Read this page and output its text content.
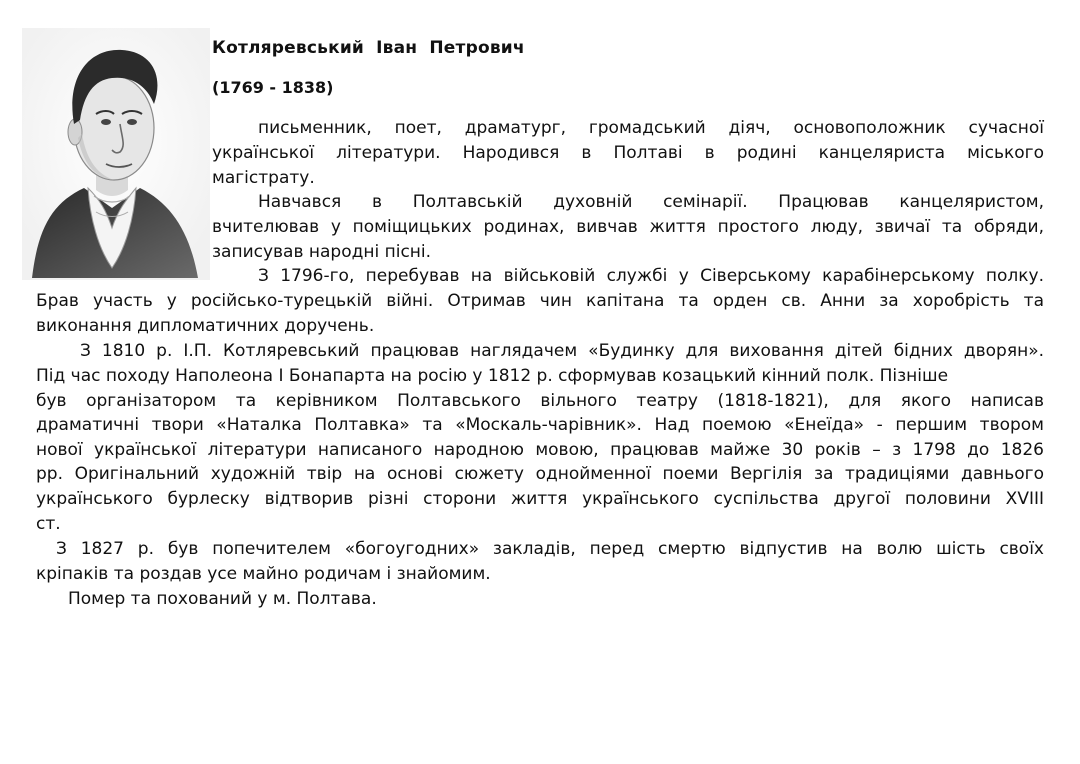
Котляревський Іван Петрович
(1769 - 1838)
письменник, поет, драматург, громадський діяч, основоположник сучасної
української літератури. Народився в Полтаві в родині канцеляриста міського
магістрату.
Навчався в Полтавській духовній семінарії. Працював канцеляристом,
вчителював у поміщицьких родинах, вивчав життя простого люду, звичаї та обряди,
записував народні пісні.
З 1796-го, перебував на військовій службі у Сіверському карабінерському полку.
Брав участь у російсько-турецькій війні. Отримав чин капітана та орден св. Анни за хоробрість та
виконання дипломатичних доручень.
З 1810 р. І.П. Котляревський працював наглядачем «Будинку для виховання дітей бідних дворян».
Під час походу Наполеона І Бонапарта на росію у 1812 р. сформував козацький кінний полк. Пізніше
був організатором та керівником Полтавського вільного театру (1818-1821), для якого написав
драматичні твори «Наталка Полтавка» та «Москаль-чарівник». Над поемою «Енеїда» - першим твором
нової української літератури написаного народною мовою, працював майже 30 років – з 1798 до 1826
рр. Оригінальний художній твір на основі сюжету однойменної поеми Вергілія за традиціями давнього
українського бурлеску відтворив різні сторони життя українського суспільства другої половини XVIII
ст.
З 1827 р. був попечителем «богоугодних» закладів, перед смертю відпустив на волю шість своїх
кріпаків та роздав усе майно родичам і знайомим.
Помер та похований у м. Полтава.
